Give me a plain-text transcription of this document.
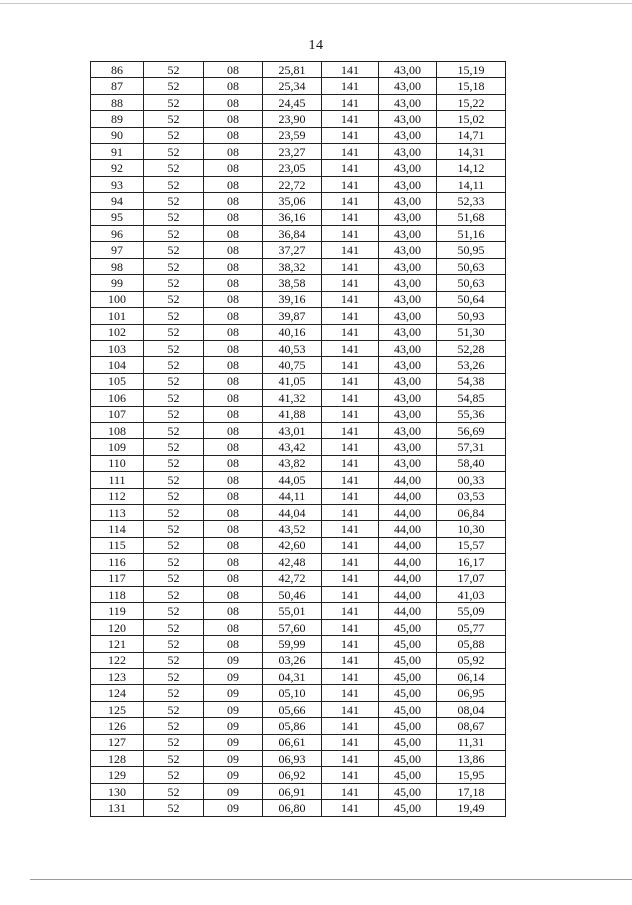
14
86	52	08	25,81	141	43,00	15,19
87	52	08	25,34	141	43,00	15,18
88	52	08	24,45	141	43,00	15,22
89	52	08	23,90	141	43,00	15,02
90	52	08	23,59	141	43,00	14,71
91	52	08	23,27	141	43,00	14,31
92	52	08	23,05	141	43,00	14,12
93	52	08	22,72	141	43,00	14,11
94	52	08	35,06	141	43,00	52,33
95	52	08	36,16	141	43,00	51,68
96	52	08	36,84	141	43,00	51,16
97	52	08	37,27	141	43,00	50,95
98	52	08	38,32	141	43,00	50,63
99	52	08	38,58	141	43,00	50,63
100	52	08	39,16	141	43,00	50,64
101	52	08	39,87	141	43,00	50,93
102	52	08	40,16	141	43,00	51,30
103	52	08	40,53	141	43,00	52,28
104	52	08	40,75	141	43,00	53,26
105	52	08	41,05	141	43,00	54,38
106	52	08	41,32	141	43,00	54,85
107	52	08	41,88	141	43,00	55,36
108	52	08	43,01	141	43,00	56,69
109	52	08	43,42	141	43,00	57,31
110	52	08	43,82	141	43,00	58,40
111	52	08	44,05	141	44,00	00,33
112	52	08	44,11	141	44,00	03,53
113	52	08	44,04	141	44,00	06,84
114	52	08	43,52	141	44,00	10,30
115	52	08	42,60	141	44,00	15,57
116	52	08	42,48	141	44,00	16,17
117	52	08	42,72	141	44,00	17,07
118	52	08	50,46	141	44,00	41,03
119	52	08	55,01	141	44,00	55,09
120	52	08	57,60	141	45,00	05,77
121	52	08	59,99	141	45,00	05,88
122	52	09	03,26	141	45,00	05,92
123	52	09	04,31	141	45,00	06,14
124	52	09	05,10	141	45,00	06,95
125	52	09	05,66	141	45,00	08,04
126	52	09	05,86	141	45,00	08,67
127	52	09	06,61	141	45,00	11,31
128	52	09	06,93	141	45,00	13,86
129	52	09	06,92	141	45,00	15,95
130	52	09	06,91	141	45,00	17,18
131	52	09	06,80	141	45,00	19,49
